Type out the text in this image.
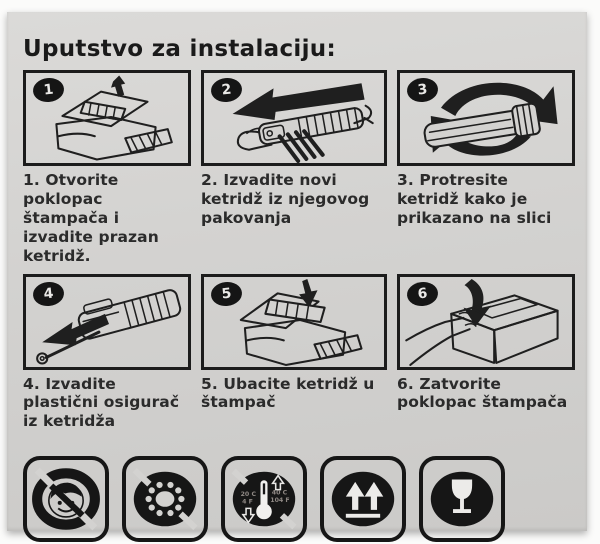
Uputstvo za instalaciju:
1
1. Otvorite poklopac štampača i izvadite prazan ketridž.
2
2. Izvadite novi ketridž iz njegovog pakovanja
3
3. Protresite ketridž kako je prikazano na slici
4
4. Izvadite plastični osigurač iz ketridža
5
5. Ubacite ketridž u štampač
6
6. Zatvorite poklopac štampača
20 C
4 F
40 C
104 F
